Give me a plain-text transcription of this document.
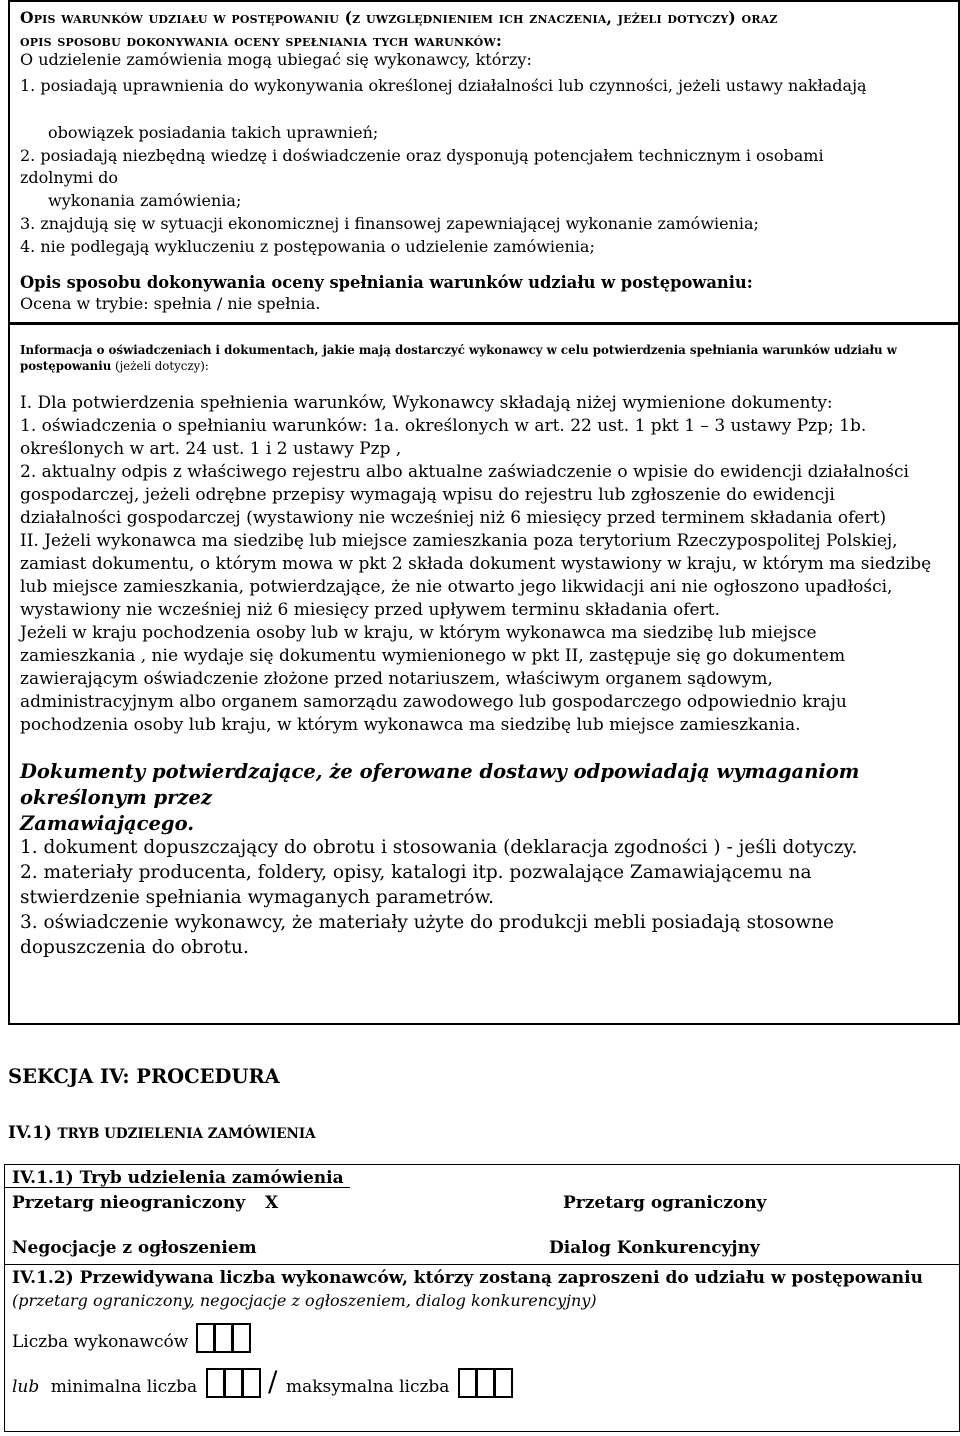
Opis warunków udziału w postępowaniu (z uwzględnieniem ich znaczenia, jeżeli dotyczy) oraz
opis sposobu dokonywania oceny spełniania tych warunków:
O udzielenie zamówienia mogą ubiegać się wykonawcy, którzy:
1. posiadają uprawnienia do wykonywania określonej działalności lub czynności, jeżeli ustawy nakładają
obowiązek posiadania takich uprawnień;
2. posiadają niezbędną wiedzę i doświadczenie oraz dysponują potencjałem technicznym i osobami
zdolnymi do
wykonania zamówienia;
3. znajdują się w sytuacji ekonomicznej i finansowej zapewniającej wykonanie zamówienia;
4. nie podlegają wykluczeniu z postępowania o udzielenie zamówienia;
Opis sposobu dokonywania oceny spełniania warunków udziału w postępowaniu:
Ocena w trybie: spełnia / nie spełnia.
Informacja o oświadczeniach i dokumentach, jakie mają dostarczyć wykonawcy w celu potwierdzenia spełniania warunków udziału w
postępowaniu (jeżeli dotyczy):
I. Dla potwierdzenia spełnienia warunków, Wykonawcy składają niżej wymienione dokumenty:
1. oświadczenia o spełnianiu warunków: 1a. określonych w art. 22 ust. 1 pkt 1 – 3 ustawy Pzp; 1b.
określonych w art. 24 ust. 1 i 2 ustawy Pzp ,
2. aktualny odpis z właściwego rejestru albo aktualne zaświadczenie o wpisie do ewidencji działalności
gospodarczej, jeżeli odrębne przepisy wymagają wpisu do rejestru lub zgłoszenie do ewidencji
działalności gospodarczej (wystawiony nie wcześniej niż 6 miesięcy przed terminem składania ofert)
II. Jeżeli wykonawca ma siedzibę lub miejsce zamieszkania poza terytorium Rzeczypospolitej Polskiej,
zamiast dokumentu, o którym mowa w pkt 2 składa dokument wystawiony w kraju, w którym ma siedzibę
lub miejsce zamieszkania, potwierdzające, że nie otwarto jego likwidacji ani nie ogłoszono upadłości,
wystawiony nie wcześniej niż 6 miesięcy przed upływem terminu składania ofert.
Jeżeli w kraju pochodzenia osoby lub w kraju, w którym wykonawca ma siedzibę lub miejsce
zamieszkania , nie wydaje się dokumentu wymienionego w pkt II, zastępuje się go dokumentem
zawierającym oświadczenie złożone przed notariuszem, właściwym organem sądowym,
administracyjnym albo organem samorządu zawodowego lub gospodarczego odpowiednio kraju
pochodzenia osoby lub kraju, w którym wykonawca ma siedzibę lub miejsce zamieszkania.
Dokumenty potwierdzające, że oferowane dostawy odpowiadają wymaganiom
określonym przez
Zamawiającego.
1. dokument dopuszczający do obrotu i stosowania (deklaracja zgodności ) - jeśli dotyczy.
2. materiały producenta, foldery, opisy, katalogi itp. pozwalające Zamawiającemu na
stwierdzenie spełniania wymaganych parametrów.
3. oświadczenie wykonawcy, że materiały użyte do produkcji mebli posiadają stosowne
dopuszczenia do obrotu.
SEKCJA IV: PROCEDURA
IV.1) TRYB UDZIELENIA ZAMÓWIENIA
IV.1.1) Tryb udzielenia zamówienia
Przetarg nieograniczony X	Przetarg ograniczony
Negocjacje z ogłoszeniem	Dialog Konkurencyjny
IV.1.2) Przewidywana liczba wykonawców, którzy zostaną zaproszeni do udziału w postępowaniu
(przetarg ograniczony, negocjacje z ogłoszeniem, dialog konkurencyjny)
Liczba wykonawców
lub minimalna liczba	/ maksymalna liczba
